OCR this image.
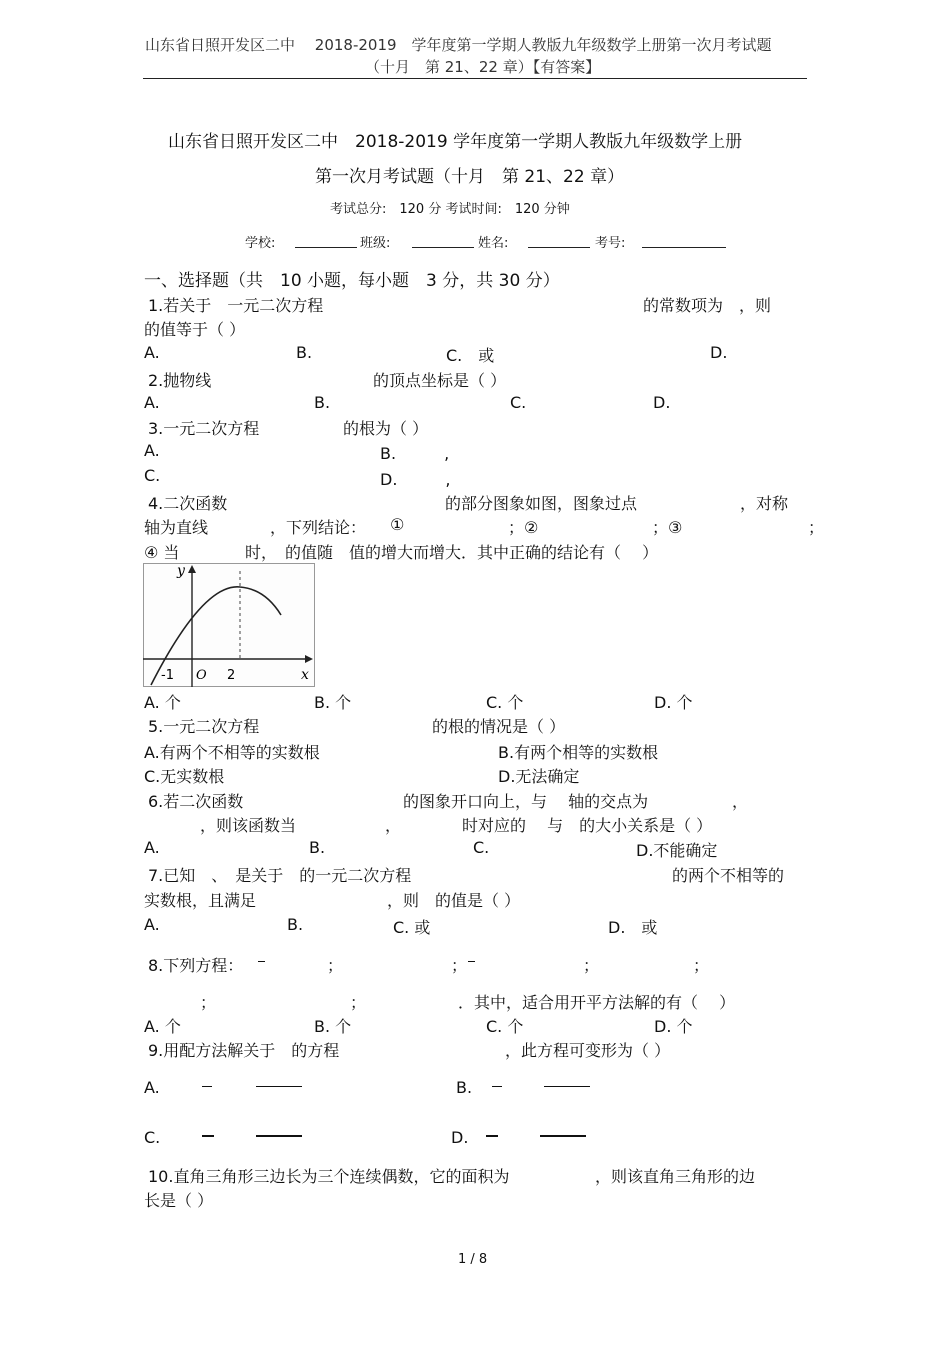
山东省日照开发区二中　 2018-2019　学年度第一学期人教版九年级数学上册第一次月考试题
（十月　第 21、22 章）【有答案】
山东省日照开发区二中　2018-2019 学年度第一学期人教版九年级数学上册
第一次月考试题（十月　第 21、22 章）
考试总分:　120 分 考试时间:　120 分钟
学校:	班级:	姓名:	考号:
一、选择题（共　10 小题，每小题　3 分，共 30 分）
1.若关于　一元二次方程	的常数项为　，则
的值等于（ ）
A.	B.	C.　或	D.
2.抛物线	的顶点坐标是（ ）
A.	B.	C.	D.
3.一元二次方程	的根为（ ）
A.	B.　　　,
C.	D.　　　,
4.二次函数	的部分图象如图，图象过点	，对称
轴为直线	，下列结论： ①	；②	；③	；
④ 当	时，　的值随　值的增大而增大．其中正确的结论有（　 ）
y
x
O
-1	2
A. 个	B. 个	C. 个	D. 个
5.一元二次方程	的根的情况是（ ）
A.有两个不相等的实数根	B.有两个相等的实数根
C.无实数根	D.无法确定
6.若二次函数	的图象开口向上，与　 轴的交点为	，
，则该函数当	，	时对应的　 与　的大小关系是（ ）
A.	B.	C.	D.不能确定
7.已知　、　是关于　的一元二次方程	的两个不相等的
实数根，且满足	，则　的值是（ ）
A.	B.	C. 或	D.　或
8.下列方程：	；	；	；	；
；	；	．其中，适合用开平方法解的有（　 ）
A. 个	B. 个	C. 个	D. 个
9.用配方法解关于　的方程	，此方程可变形为（ ）
A.	B.
C.	D.
10.直角三角形三边长为三个连续偶数，它的面积为	，则该直角三角形的边
长是（ ）
1 / 8
